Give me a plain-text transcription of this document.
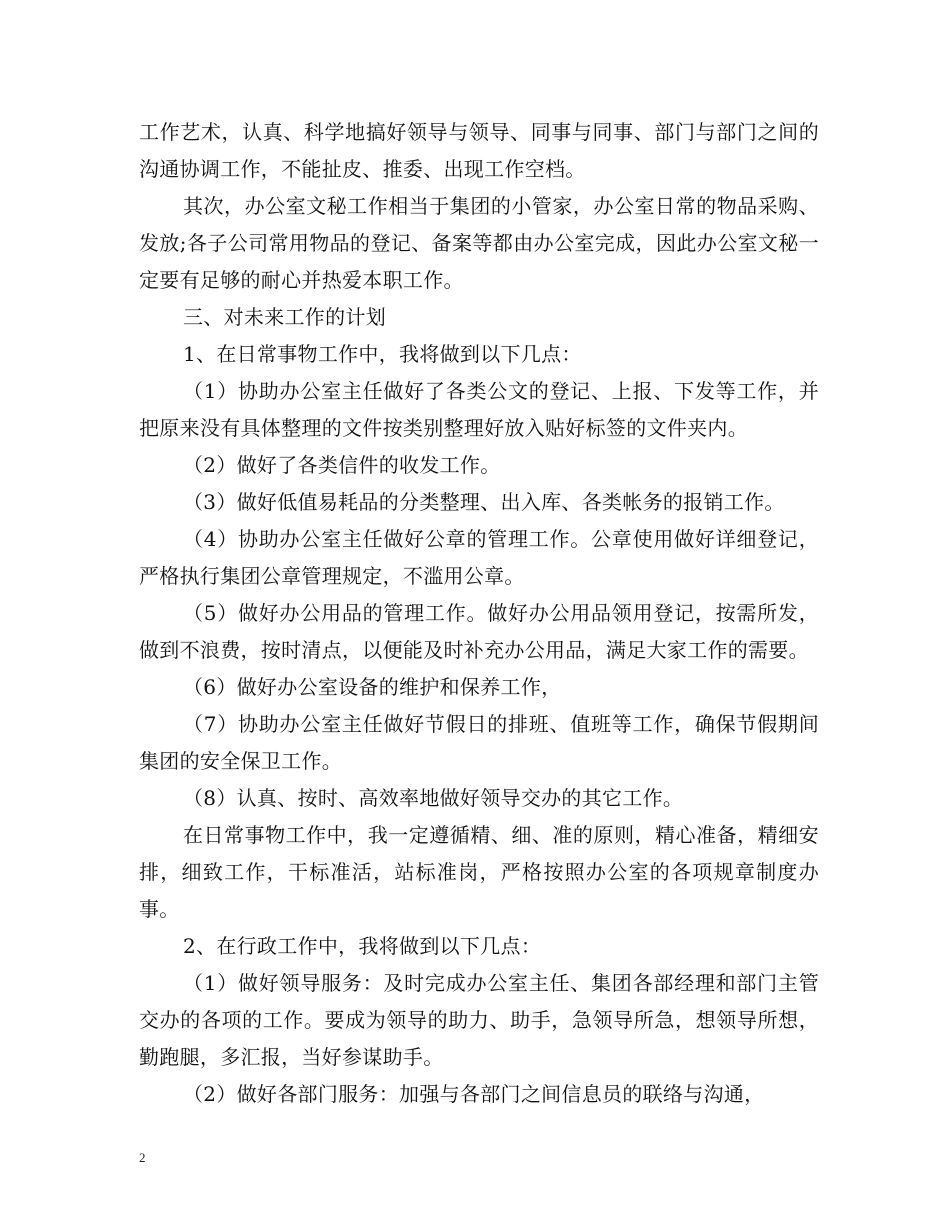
工作艺术，认真、科学地搞好领导与领导、同事与同事、部门与部门之间的沟通协调工作，不能扯皮、推委、出现工作空档。

其次，办公室文秘工作相当于集团的小管家，办公室日常的物品采购、发放;各子公司常用物品的登记、备案等都由办公室完成，因此办公室文秘一定要有足够的耐心并热爱本职工作。

三、对未来工作的计划

1、在日常事物工作中，我将做到以下几点：

（1）协助办公室主任做好了各类公文的登记、上报、下发等工作，并把原来没有具体整理的文件按类别整理好放入贴好标签的文件夹内。

（2）做好了各类信件的收发工作。

（3）做好低值易耗品的分类整理、出入库、各类帐务的报销工作。

（4）协助办公室主任做好公章的管理工作。公章使用做好详细登记，严格执行集团公章管理规定，不滥用公章。

（5）做好办公用品的管理工作。做好办公用品领用登记，按需所发，做到不浪费，按时清点，以便能及时补充办公用品，满足大家工作的需要。

（6）做好办公室设备的维护和保养工作，

（7）协助办公室主任做好节假日的排班、值班等工作，确保节假期间集团的安全保卫工作。

（8）认真、按时、高效率地做好领导交办的其它工作。

在日常事物工作中，我一定遵循精、细、准的原则，精心准备，精细安排，细致工作，干标准活，站标准岗，严格按照办公室的各项规章制度办事。

2、在行政工作中，我将做到以下几点：

（1）做好领导服务：及时完成办公室主任、集团各部经理和部门主管交办的各项的工作。要成为领导的助力、助手，急领导所急，想领导所想，勤跑腿，多汇报，当好参谋助手。

（2）做好各部门服务：加强与各部门之间信息员的联络与沟通，

2
